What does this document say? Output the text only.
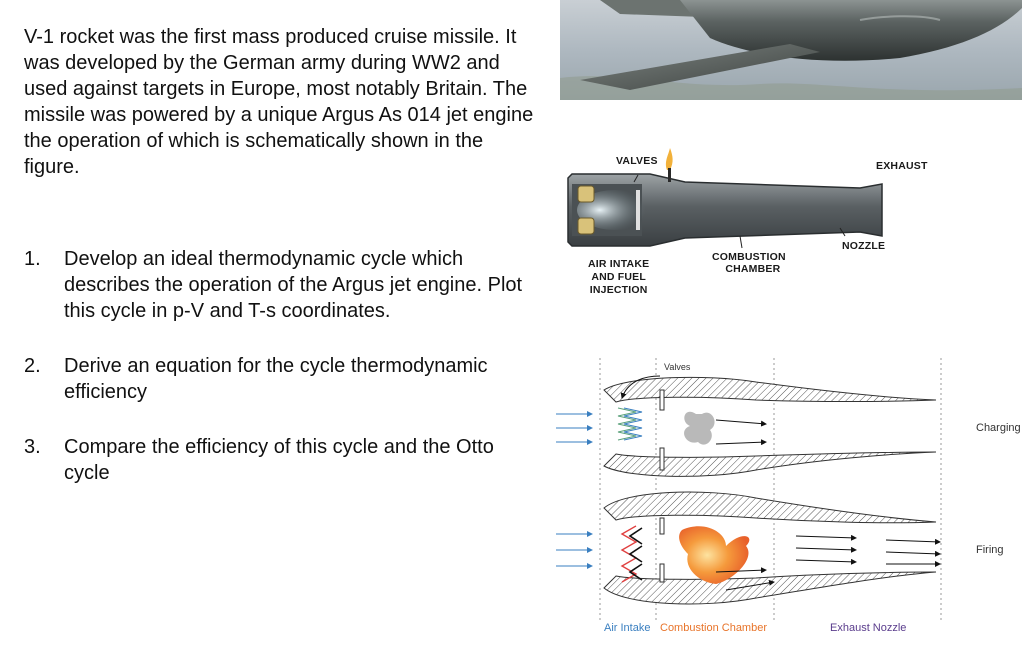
V-1 rocket was the first mass produced cruise missile. It was developed by the German army during WW2 and used against targets in Europe, most notably Britain. The missile was powered by a unique Argus As 014 jet engine the operation of which is schematically shown in the figure.

1.	Develop an ideal thermodynamic cycle which describes the operation of the Argus jet engine. Plot this cycle in p-V and T-s coordinates.
2.	Derive an equation for the cycle thermodynamic efficiency
3.	Compare the efficiency of this cycle and the Otto cycle
VALVES	EXHAUST
NOZZLE
COMBUSTION
CHAMBER
AIR INTAKE
AND FUEL
INJECTION
Valves
Charging
Firing
Air Intake Combustion Chamber	Exhaust Nozzle
